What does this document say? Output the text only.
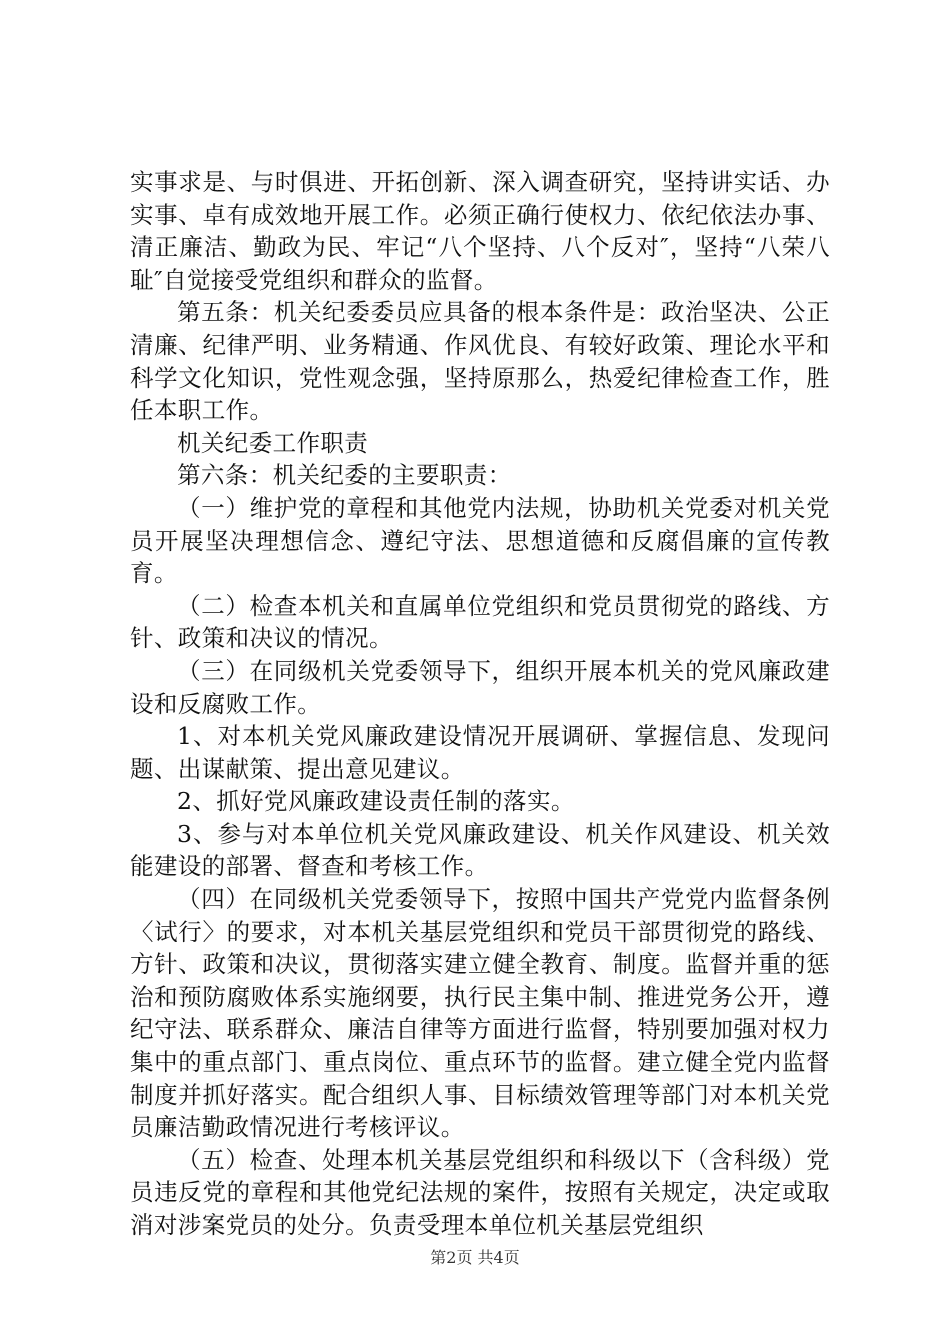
实事求是、与时俱进、开拓创新、深入调查研究，坚持讲实话、办实事、卓有成效地开展工作。必须正确行使权力、依纪依法办事、清正廉洁、勤政为民、牢记“八个坚持、八个反对″，坚持“八荣八耻″自觉接受党组织和群众的监督。

第五条：机关纪委委员应具备的根本条件是：政治坚决、公正清廉、纪律严明、业务精通、作风优良、有较好政策、理论水平和科学文化知识，党性观念强，坚持原那么，热爱纪律检查工作，胜任本职工作。

机关纪委工作职责

第六条：机关纪委的主要职责：

（一）维护党的章程和其他党内法规，协助机关党委对机关党员开展坚决理想信念、遵纪守法、思想道德和反腐倡廉的宣传教育。

（二）检查本机关和直属单位党组织和党员贯彻党的路线、方针、政策和决议的情况。

（三）在同级机关党委领导下，组织开展本机关的党风廉政建设和反腐败工作。

1、对本机关党风廉政建设情况开展调研、掌握信息、发现问题、出谋献策、提出意见建议。

2、抓好党风廉政建设责任制的落实。

3、参与对本单位机关党风廉政建设、机关作风建设、机关效能建设的部署、督查和考核工作。

（四）在同级机关党委领导下，按照中国共产党党内监督条例〈试行〉的要求，对本机关基层党组织和党员干部贯彻党的路线、方针、政策和决议，贯彻落实建立健全教育、制度。监督并重的惩治和预防腐败体系实施纲要，执行民主集中制、推进党务公开，遵纪守法、联系群众、廉洁自律等方面进行监督，特别要加强对权力集中的重点部门、重点岗位、重点环节的监督。建立健全党内监督制度并抓好落实。配合组织人事、目标绩效管理等部门对本机关党员廉洁勤政情况进行考核评议。

（五）检查、处理本机关基层党组织和科级以下（含科级）党员违反党的章程和其他党纪法规的案件，按照有关规定，决定或取消对涉案党员的处分。负责受理本单位机关基层党组织

第2页 共4页
